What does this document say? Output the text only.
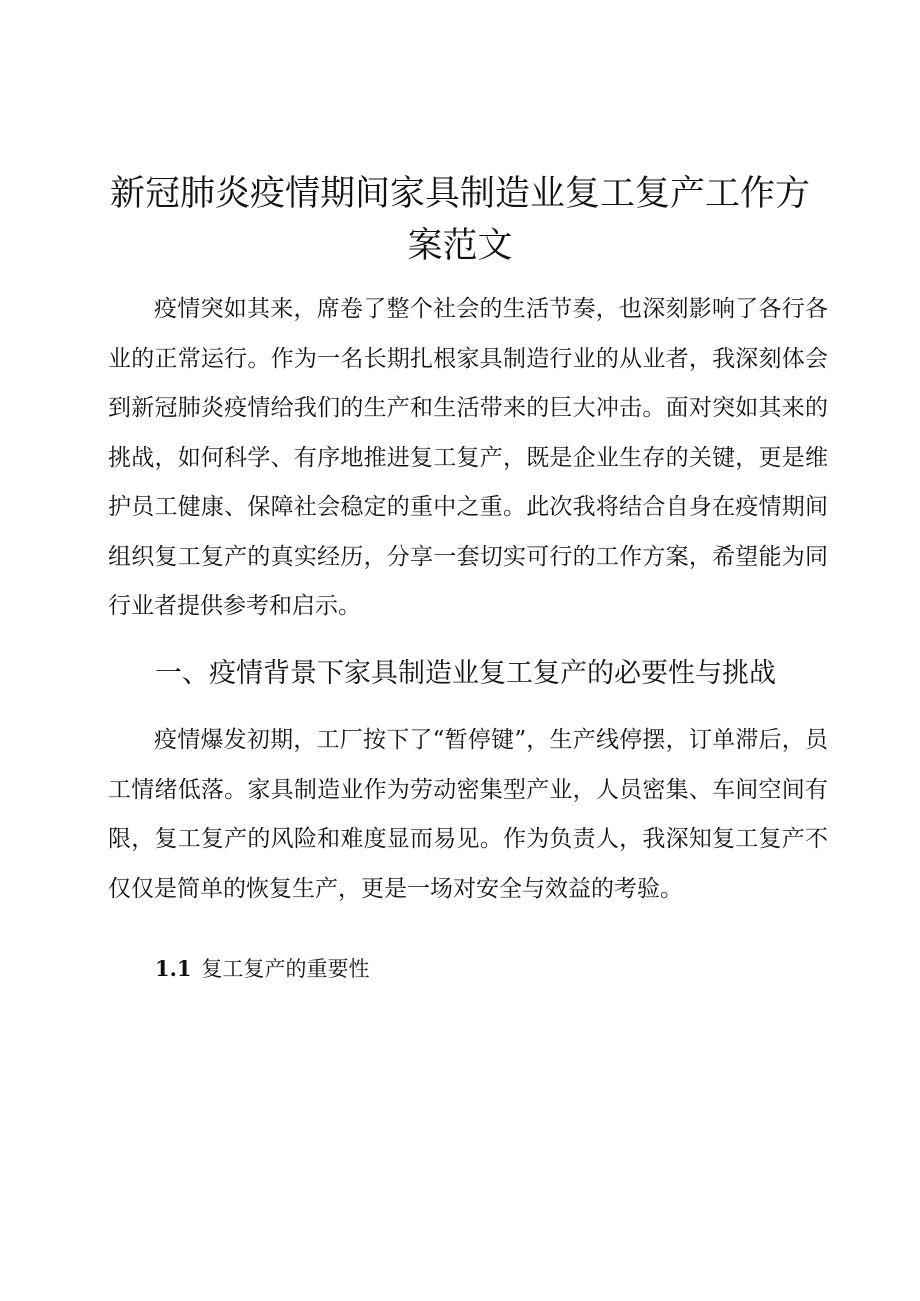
新冠肺炎疫情期间家具制造业复工复产工作方案范文

疫情突如其来，席卷了整个社会的生活节奏，也深刻影响了各行各业的正常运行。作为一名长期扎根家具制造行业的从业者，我深刻体会到新冠肺炎疫情给我们的生产和生活带来的巨大冲击。面对突如其来的挑战，如何科学、有序地推进复工复产，既是企业生存的关键，更是维护员工健康、保障社会稳定的重中之重。此次我将结合自身在疫情期间组织复工复产的真实经历，分享一套切实可行的工作方案，希望能为同行业者提供参考和启示。

一、疫情背景下家具制造业复工复产的必要性与挑战

疫情爆发初期，工厂按下了“暂停键”，生产线停摆，订单滞后，员工情绪低落。家具制造业作为劳动密集型产业，人员密集、车间空间有限，复工复产的风险和难度显而易见。作为负责人，我深知复工复产不仅仅是简单的恢复生产，更是一场对安全与效益的考验。

1.1 复工复产的重要性
